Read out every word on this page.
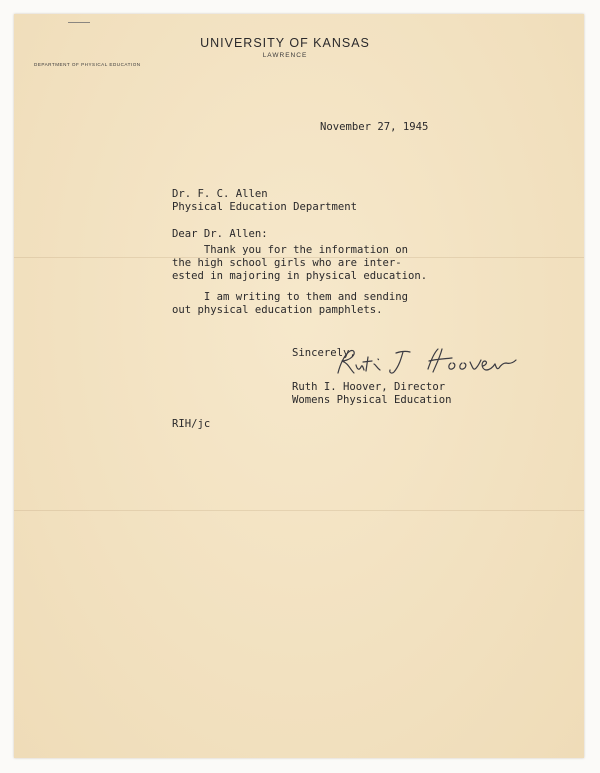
UNIVERSITY OF KANSAS
LAWRENCE
DEPARTMENT OF PHYSICAL EDUCATION
November 27, 1945
Dr. F. C. Allen
Physical Education Department
Dear Dr. Allen:
Thank you for the information on
the high school girls who are inter-
ested in majoring in physical education.
I am writing to them and sending
out physical education pamphlets.
Sincerely,
Ruth I. Hoover, Director
Womens Physical Education
RIH/jc
